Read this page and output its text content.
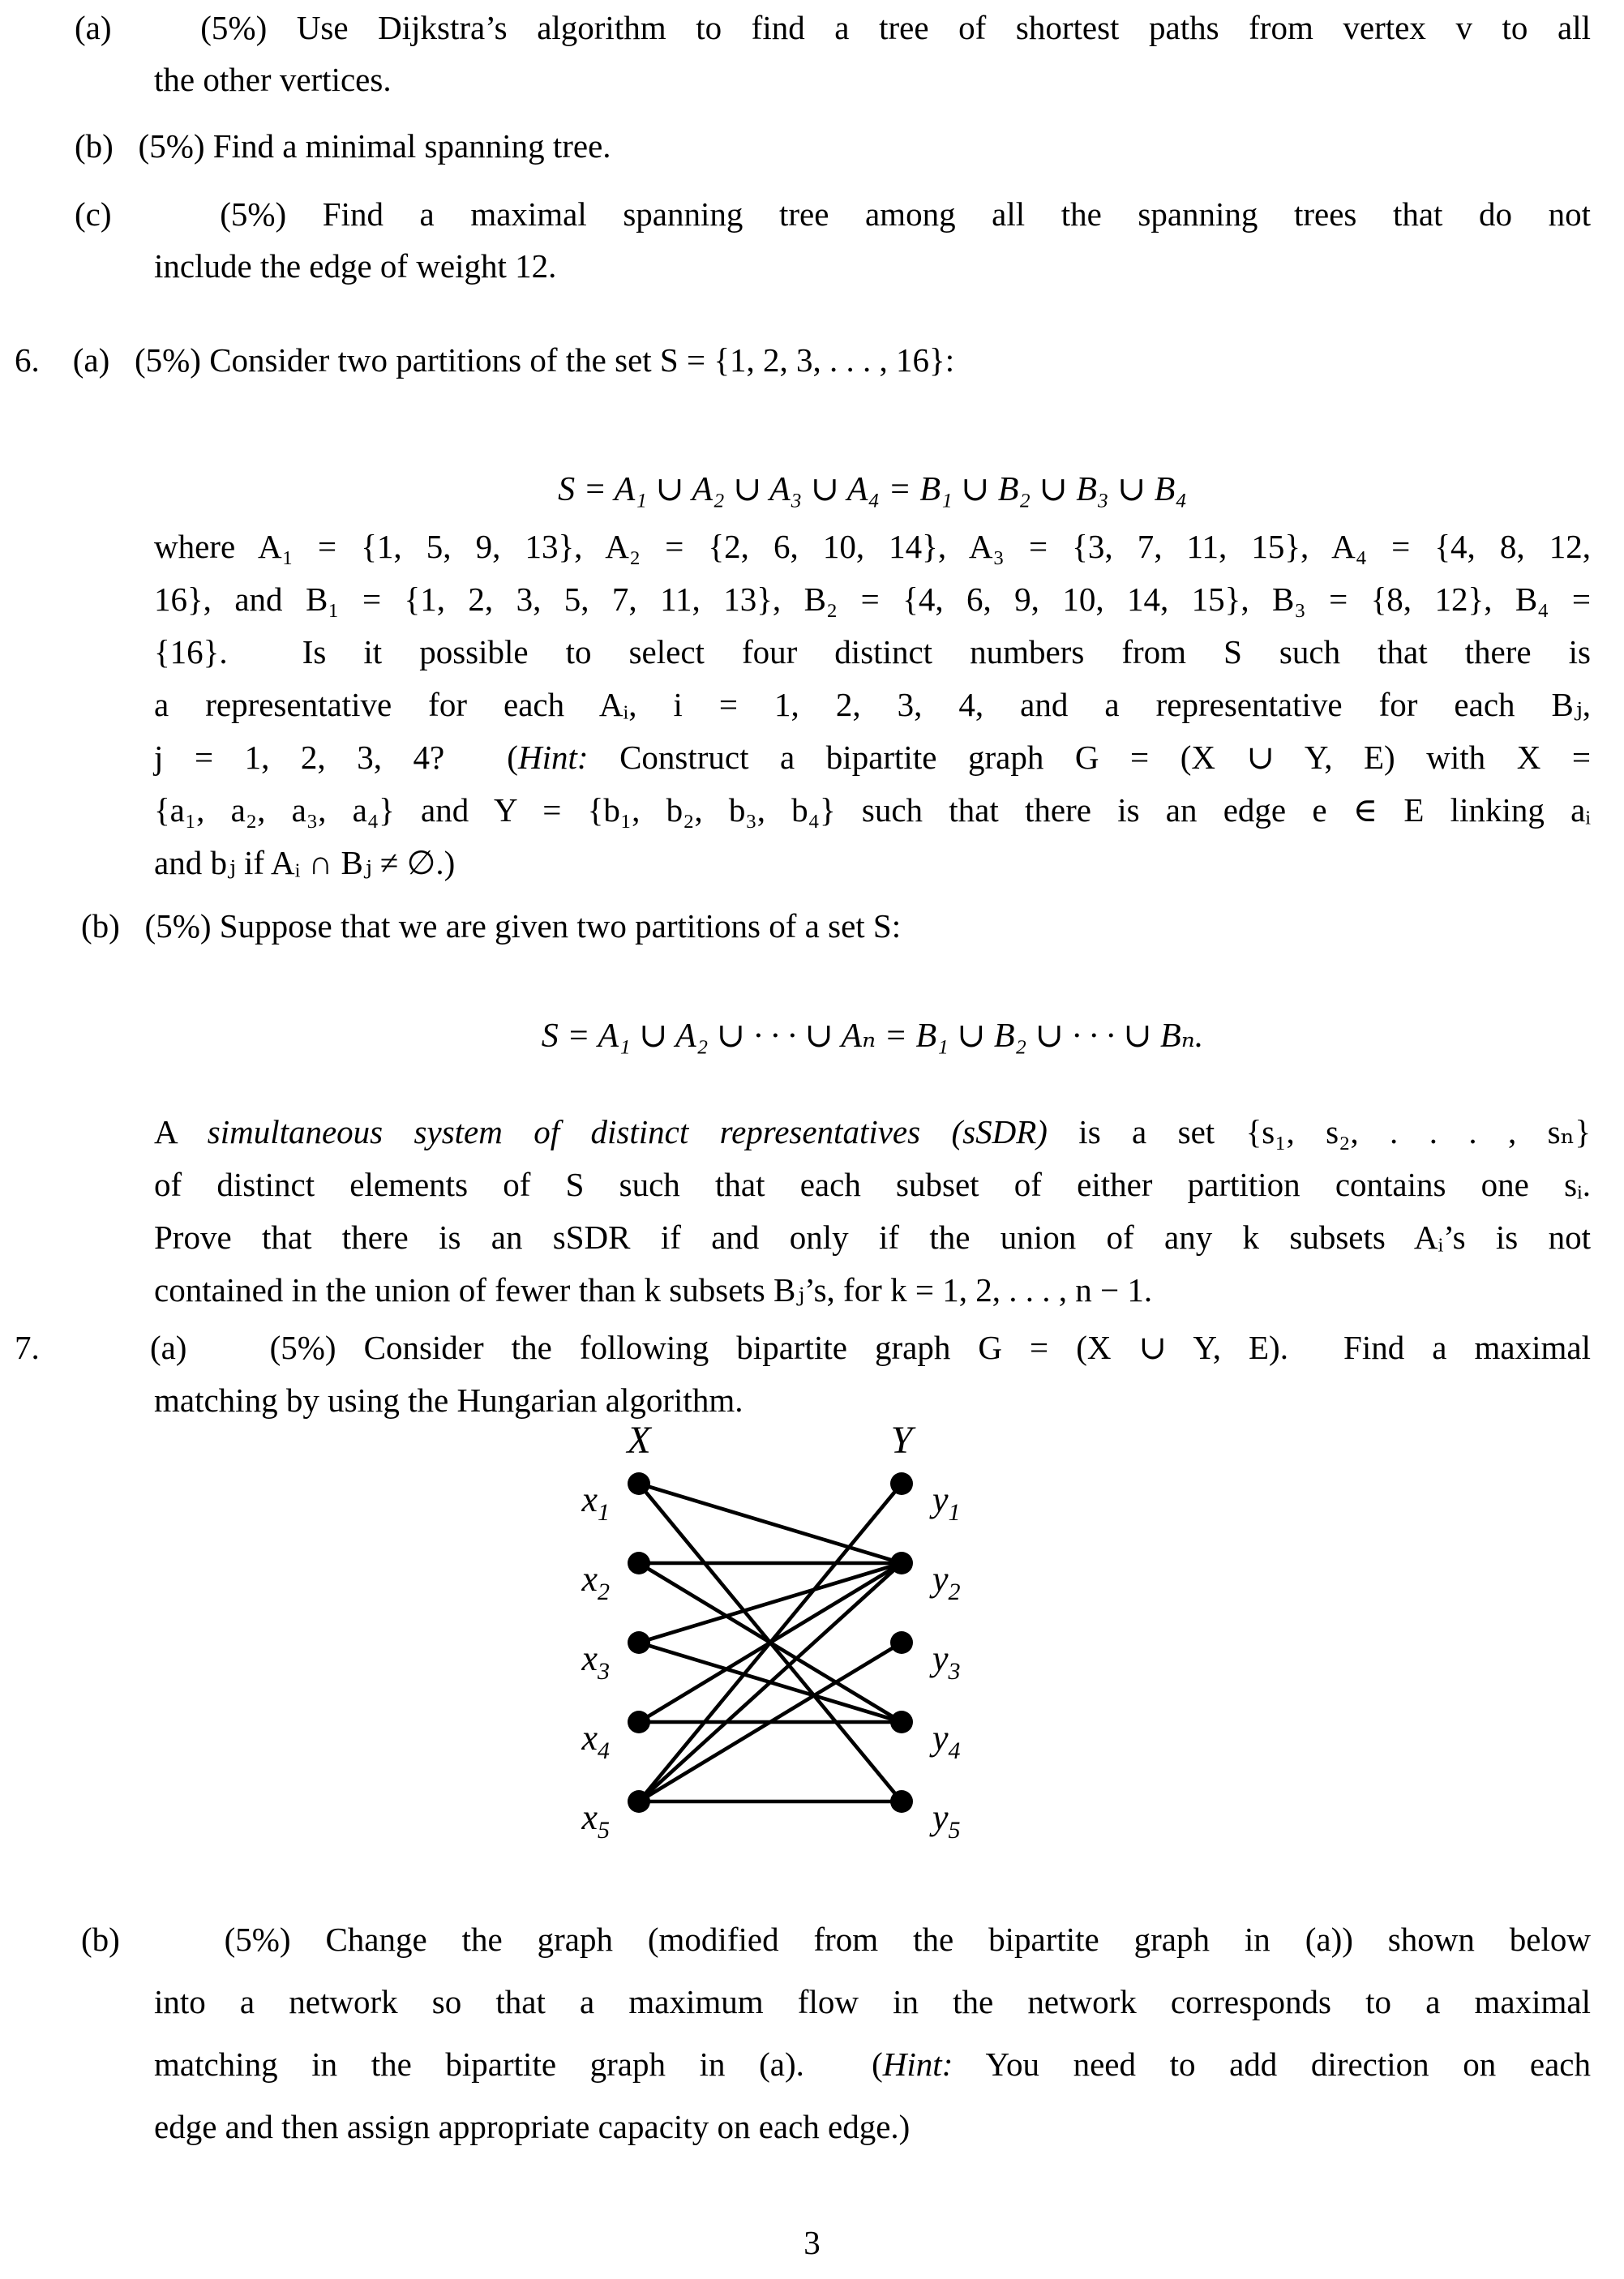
(a)   (5%) Use Dijkstra’s algorithm to find a tree of shortest paths from vertex v to all
the other vertices.
(b)   (5%) Find a minimal spanning tree.
(c)   (5%) Find a maximal spanning tree among all the spanning trees that do not
include the edge of weight 12.
6.    (a)   (5%) Consider two partitions of the set S = {1, 2, 3, . . . , 16}:
S = A₁ ∪ A₂ ∪ A₃ ∪ A₄ = B₁ ∪ B₂ ∪ B₃ ∪ B₄
where A₁ = {1, 5, 9, 13}, A₂ = {2, 6, 10, 14}, A₃ = {3, 7, 11, 15}, A₄ = {4, 8, 12,
16}, and B₁ = {1, 2, 3, 5, 7, 11, 13}, B₂ = {4, 6, 9, 10, 14, 15}, B₃ = {8, 12}, B₄ =
{16}.  Is it possible to select four distinct numbers from S such that there is
a representative for each Aᵢ, i = 1, 2, 3, 4, and a representative for each Bⱼ,
j = 1, 2, 3, 4?  (Hint: Construct a bipartite graph G = (X ∪ Y, E) with X =
{a₁, a₂, a₃, a₄} and Y = {b₁, b₂, b₃, b₄} such that there is an edge e ∈ E linking aᵢ
and bⱼ if Aᵢ ∩ Bⱼ ≠ ∅.)
(b)   (5%) Suppose that we are given two partitions of a set S:
S = A₁ ∪ A₂ ∪ · · · ∪ Aₙ = B₁ ∪ B₂ ∪ · · · ∪ Bₙ.
A simultaneous system of distinct representatives (sSDR) is a set {s₁, s₂, . . . , sₙ}
of distinct elements of S such that each subset of either partition contains one sᵢ.
Prove that there is an sSDR if and only if the union of any k subsets Aᵢ’s is not
contained in the union of fewer than k subsets Bⱼ’s, for k = 1, 2, . . . , n − 1.
7.    (a)   (5%) Consider the following bipartite graph G = (X ∪ Y, E).  Find a maximal
matching by using the Hungarian algorithm.
X	Y
$x_1$	$y_1$
$x_2$	$y_2$
$x_3$	$y_3$
$x_4$	$y_4$
$x_5$	$y_5$
(b)   (5%) Change the graph (modified from the bipartite graph in (a)) shown below
into a network so that a maximum flow in the network corresponds to a maximal
matching in the bipartite graph in (a).  (Hint: You need to add direction on each
edge and then assign appropriate capacity on each edge.)
3
